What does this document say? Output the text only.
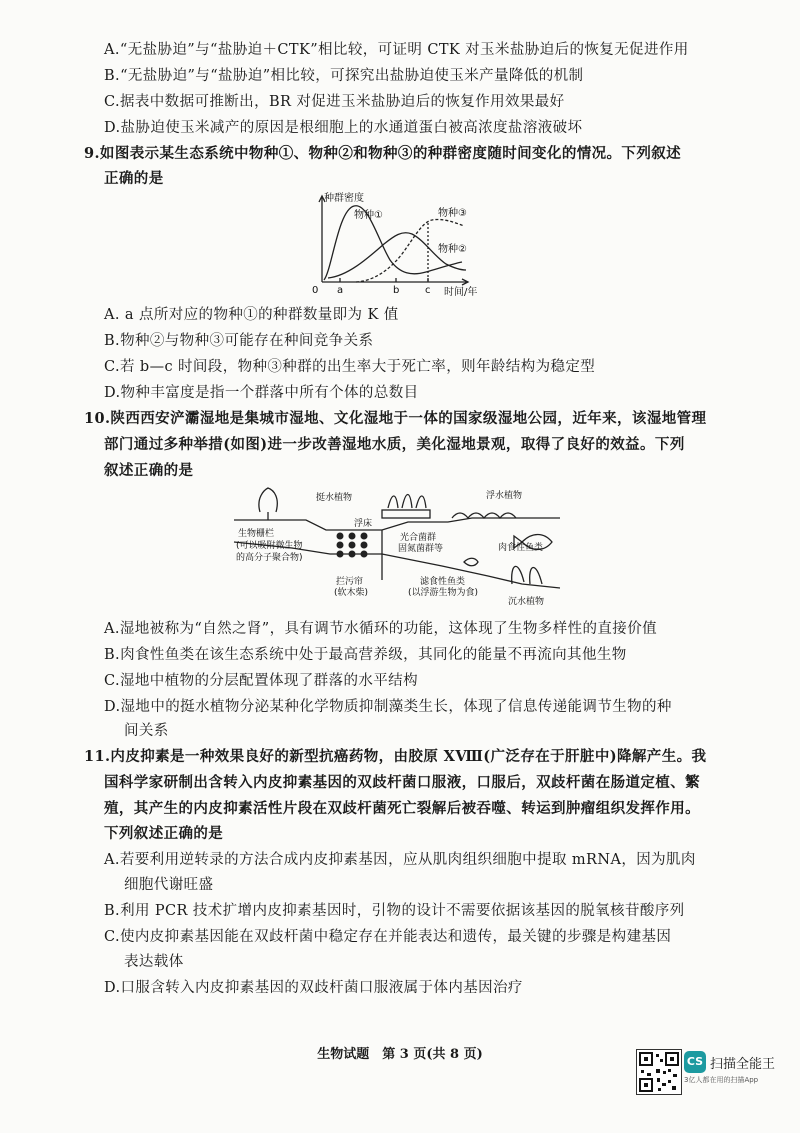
A.“无盐胁迫”与“盐胁迫＋CTK”相比较，可证明 CTK 对玉米盐胁迫后的恢复无促进作用
B.“无盐胁迫”与“盐胁迫”相比较，可探究出盐胁迫使玉米产量降低的机制
C.据表中数据可推断出，BR 对促进玉米盐胁迫后的恢复作用效果最好
D.盐胁迫使玉米减产的原因是根细胞上的水通道蛋白被高浓度盐溶液破坏
9.如图表示某生态系统中物种①、物种②和物种③的种群密度随时间变化的情况。下列叙述
正确的是
种群密度
0 a	b	c 时间/年
物种①	物种③
物种②
A. a 点所对应的物种①的种群数量即为 K 值
B.物种②与物种③可能存在种间竞争关系
C.若 b—c 时间段，物种③种群的出生率大于死亡率，则年龄结构为稳定型
D.物种丰富度是指一个群落中所有个体的总数目
10.陕西西安浐灞湿地是集城市湿地、文化湿地于一体的国家级湿地公园，近年来，该湿地管理
部门通过多种举措(如图)进一步改善湿地水质，美化湿地景观，取得了良好的效益。下列
叙述正确的是
挺水植物
浮床
浮水植物
生物栅栏
(可以吸附微生物
的高分子聚合物)
光合菌群
固氮菌群等	肉食性鱼类
拦污帘
(软木柴)
滤食性鱼类
(以浮游生物为食)
沉水植物
A.湿地被称为“自然之肾”，具有调节水循环的功能，这体现了生物多样性的直接价值
B.肉食性鱼类在该生态系统中处于最高营养级，其同化的能量不再流向其他生物
C.湿地中植物的分层配置体现了群落的水平结构
D.湿地中的挺水植物分泌某种化学物质抑制藻类生长，体现了信息传递能调节生物的种
间关系
11.内皮抑素是一种效果良好的新型抗癌药物，由胶原 XⅧ(广泛存在于肝脏中)降解产生。我
国科学家研制出含转入内皮抑素基因的双歧杆菌口服液，口服后，双歧杆菌在肠道定植、繁
殖，其产生的内皮抑素活性片段在双歧杆菌死亡裂解后被吞噬、转运到肿瘤组织发挥作用。
下列叙述正确的是
A.若要利用逆转录的方法合成内皮抑素基因，应从肌肉组织细胞中提取 mRNA，因为肌肉
细胞代谢旺盛
B.利用 PCR 技术扩增内皮抑素基因时，引物的设计不需要依据该基因的脱氧核苷酸序列
C.使内皮抑素基因能在双歧杆菌中稳定存在并能表达和遗传，最关键的步骤是构建基因
表达载体
D.口服含转入内皮抑素基因的双歧杆菌口服液属于体内基因治疗
生物试题　第 3 页(共 8 页)	CS 扫描全能王
3亿人都在用的扫描App
